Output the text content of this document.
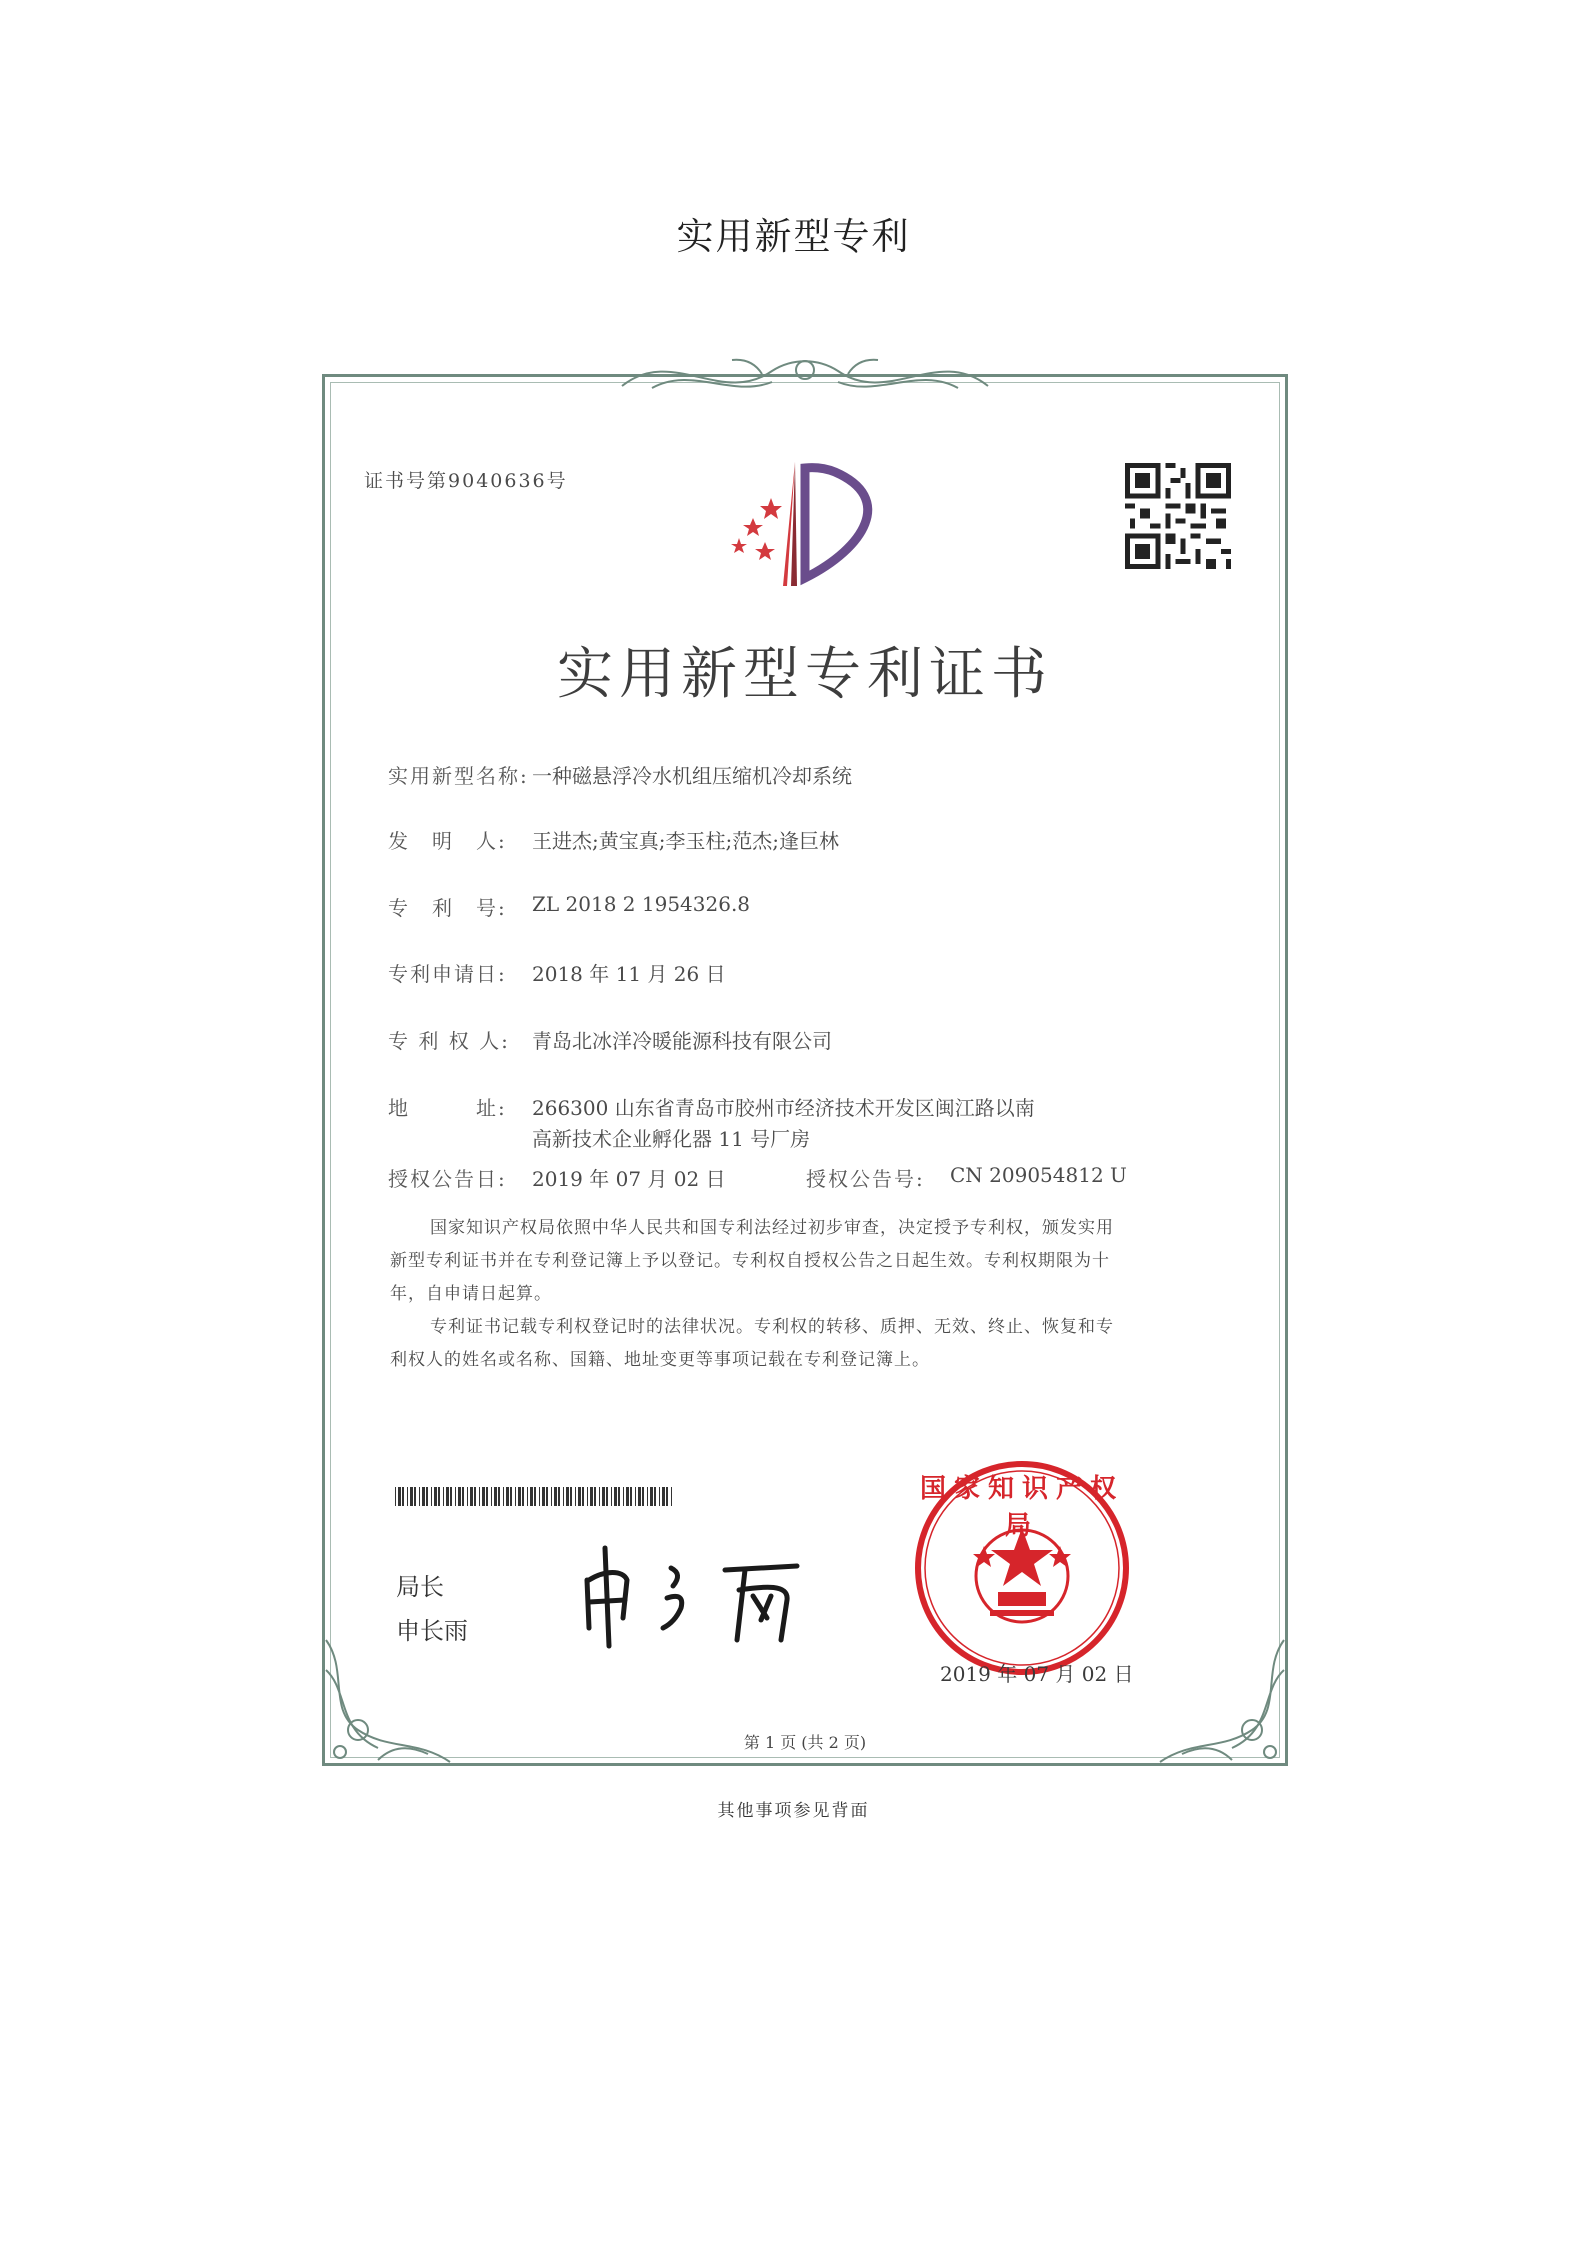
实用新型专利
证书号第9040636号
实用新型专利证书
实用新型名称: 一种磁悬浮冷水机组压缩机冷却系统
发　明　人: 王进杰;黄宝真;李玉柱;范杰;逢巨林
专　利　号: ZL 2018 2 1954326.8
专利申请日: 2018 年 11 月 26 日
专 利 权 人: 青岛北冰洋冷暖能源科技有限公司
地　　　址: 266300 山东省青岛市胶州市经济技术开发区闽江路以南
高新技术企业孵化器 11 号厂房
授权公告日: 2019 年 07 月 02 日	授权公告号: CN 209054812 U
国家知识产权局依照中华人民共和国专利法经过初步审查，决定授予专利权，颁发实用
新型专利证书并在专利登记簿上予以登记。专利权自授权公告之日起生效。专利权期限为十
年，自申请日起算。
专利证书记载专利权登记时的法律状况。专利权的转移、质押、无效、终止、恢复和专
利权人的姓名或名称、国籍、地址变更等事项记载在专利登记簿上。
局长
申长雨
国家知识产权局
2019 年 07 月 02 日
第 1 页 (共 2 页)
其他事项参见背面
